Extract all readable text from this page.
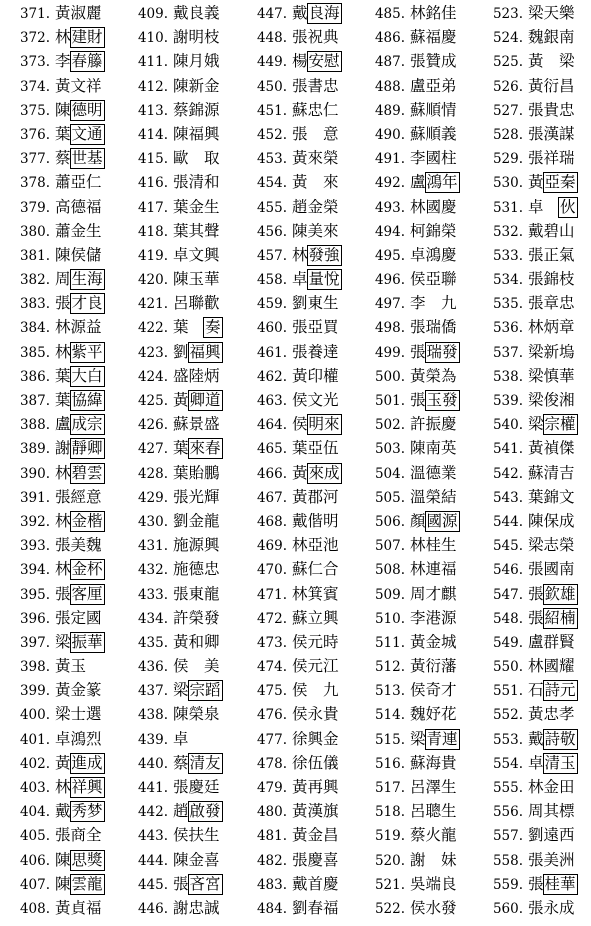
371. 黃淑麗
372. 林建財
373. 李春籐
374. 黃文祥
375. 陳德明
376. 葉文通
377. 蔡世基
378. 蕭亞仁
379. 高德福
380. 蕭金生
381. 陳侯儲
382. 周生海
383. 張才良
384. 林源益
385. 林紫平
386. 葉大白
387. 葉協緯
388. 盧成宗
389. 謝靜卿
390. 林碧雲
391. 張經意
392. 林金楷
393. 張美魏
394. 林金杯
395. 張客厘
396. 張定國
397. 梁振華
398. 黃玉
399. 黃金篆
400. 梁士選
401. 卓鴻烈
402. 黃進成
403. 林祥興
404. 戴秀梦
405. 張商全
406. 陳思獎
407. 陳雲龍
408. 黃貞福
409. 戴良義
410. 謝明枝
411. 陳月娥
412. 陳新金
413. 蔡錦源
414. 陳福興
415. 歐　取
416. 張清和
417. 葉金生
418. 葉其聲
419. 卓文興
420. 陳玉華
421. 呂聯歡
422. 葉　奏
423. 劉福興
424. 盛陸炳
425. 黃卿道
426. 蘇景盛
427. 葉來春
428. 葉貽鵬
429. 張光輝
430. 劉金龍
431. 施源興
432. 施德忠
433. 張東龍
434. 許榮發
435. 黃和卿
436. 侯　美
437. 梁宗蹈
438. 陳榮泉
439. 卓
440. 蔡清友
441. 張慶廷
442. 趙啟發
443. 侯扶生
444. 陳金喜
445. 張吝宮
446. 謝忠誠
447. 戴良海
448. 張祝典
449. 楊安慰
450. 張書忠
451. 蘇忠仁
452. 張　意
453. 黃來榮
454. 黃　來
455. 趙金榮
456. 陳美來
457. 林發強
458. 卓量悅
459. 劉東生
460. 張亞買
461. 張養達
462. 黃印權
463. 侯文光
464. 侯明來
465. 葉亞伍
466. 黃來成
467. 黃郡河
468. 戴偕明
469. 林亞池
470. 蘇仁合
471. 林箕賓
472. 蘇立興
473. 侯元時
474. 侯元江
475. 侯　九
476. 侯永貴
477. 徐興金
478. 徐伍儀
479. 黃再興
480. 黃漢旗
481. 黃金昌
482. 張慶喜
483. 戴首慶
484. 劉春福
485. 林銘佳
486. 蘇福慶
487. 張贊成
488. 盧亞弟
489. 蘇順情
490. 蘇順義
491. 李國柱
492. 盧鴻年
493. 林國慶
494. 柯錦榮
495. 卓鴻慶
496. 侯亞聯
497. 李　九
498. 張瑞僑
499. 張瑞發
500. 黃榮為
501. 張玉發
502. 許振慶
503. 陳南英
504. 溫德業
505. 溫榮結
506. 顏國源
507. 林桂生
508. 林連福
509. 周才麒
510. 李港源
511. 黃金城
512. 黃衍藩
513. 侯奇才
514. 魏妤花
515. 梁青連
516. 蘇海貴
517. 呂澤生
518. 呂聰生
519. 蔡火龍
520. 謝　妹
521. 吳端良
522. 侯水發
523. 梁天樂
524. 魏銀南
525. 黃　梁
526. 黃衍昌
527. 張貴忠
528. 張漢謀
529. 張祥瑞
530. 黃亞秦
531. 卓　伙
532. 戴碧山
533. 張正氣
534. 張錦枝
535. 張章忠
536. 林炳章
537. 梁新塢
538. 梁慎華
539. 梁俊湘
540. 梁宗權
541. 黃禎傑
542. 蘇清吉
543. 葉錦文
544. 陳保成
545. 梁志榮
546. 張國南
547. 張欽雄
548. 張紹楠
549. 盧群賢
550. 林國耀
551. 石詩元
552. 黃忠孝
553. 戴詩敬
554. 卓清玉
555. 林金田
556. 周其標
557. 劉遠西
558. 張美洲
559. 張桂華
560. 張永成
